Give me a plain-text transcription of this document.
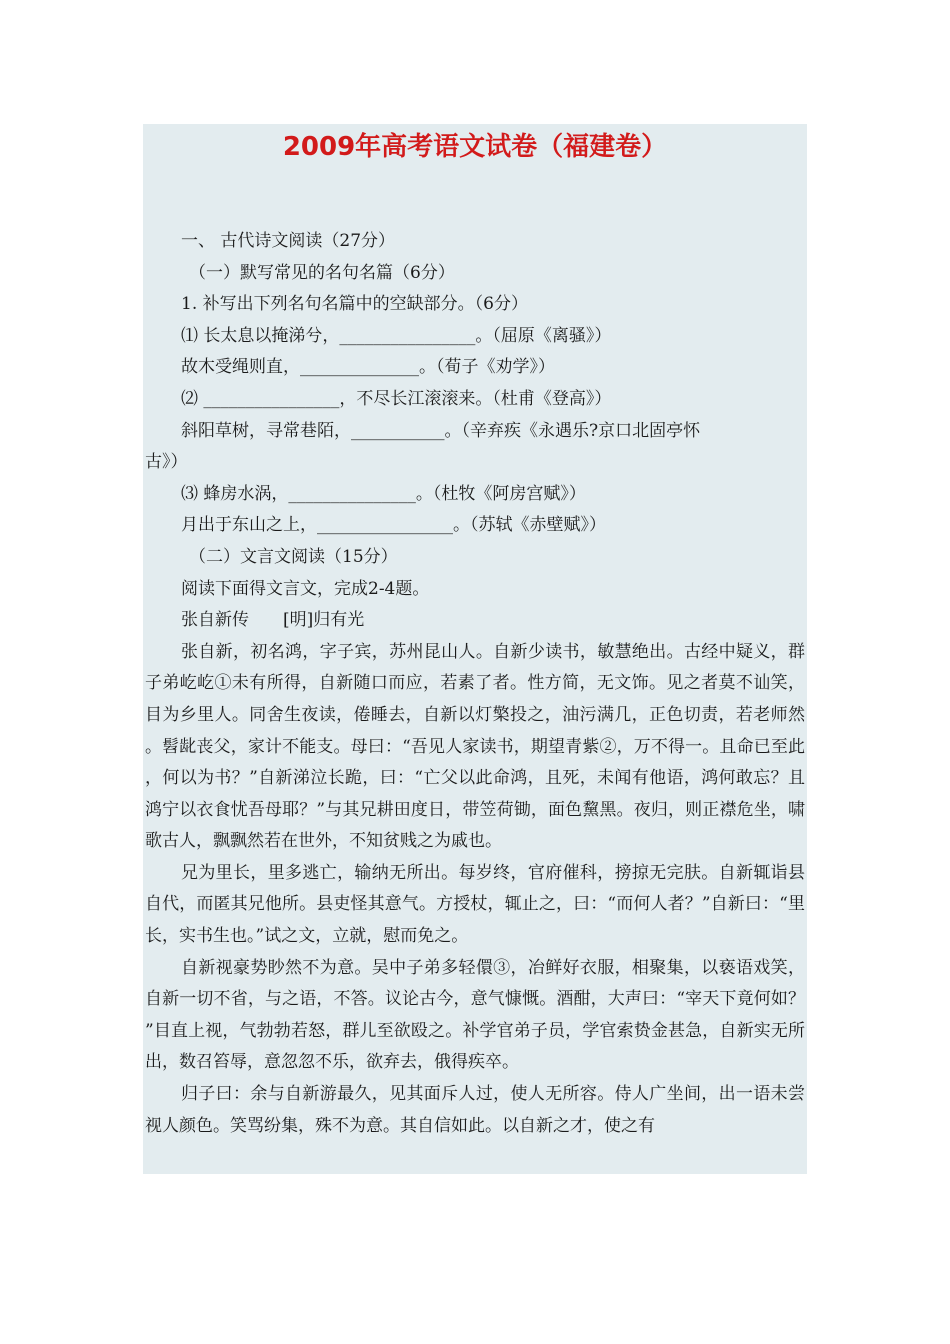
2009年高考语文试卷（福建卷）
一、 古代诗文阅读（27分）
（一）默写常见的名句名篇（6分）
1. 补写出下列名句名篇中的空缺部分。（6分）
⑴ 长太息以掩涕兮，________________。（屈原《离骚》）
故木受绳则直，______________。（荀子《劝学》）
⑵ ________________，不尽长江滚滚来。（杜甫《登高》）
斜阳草树，寻常巷陌，___________。（辛弃疾《永遇乐?京口北固亭怀
古》）
⑶ 蜂房水涡，_______________。（杜牧《阿房宫赋》）
月出于东山之上，________________。（苏轼《赤壁赋》）
（二）文言文阅读（15分）
阅读下面得文言文，完成2-4题。
张自新传　　[明]归有光

张自新，初名鸿，字子宾，苏州昆山人。自新少读书，敏慧绝出。古经中疑义，群子弟屹屹①未有所得，自新随口而应，若素了者。性方简，无文饰。见之者莫不讪笑，目为乡里人。同舍生夜读，倦睡去，自新以灯檠投之，油污满几，正色切责，若老师然。髫龀丧父，家计不能支。母曰：“吾见人家读书，期望青紫②，万不得一。且命已至此，何以为书？”自新涕泣长跪，曰：“亡父以此命鸿，且死，未闻有他语，鸿何敢忘？且鸿宁以衣食忧吾母耶？”与其兄耕田度日，带笠荷锄，面色黧黑。夜归，则正襟危坐，啸歌古人，飘飘然若在世外，不知贫贱之为戚也。

兄为里长，里多逃亡，输纳无所出。每岁终，官府催科，搒掠无完肤。自新辄诣县自代，而匿其兄他所。县吏怪其意气。方授杖，辄止之，曰：“而何人者？”自新曰：“里长，实书生也。”试之文，立就，慰而免之。

自新视豪势眇然不为意。吴中子弟多轻儇③，冶鲜好衣服，相聚集，以亵语戏笑，自新一切不省，与之语，不答。议论古今，意气慷慨。酒酣，大声曰：“宰天下竟何如？”目直上视，气勃勃若怒，群儿至欲殴之。补学官弟子员，学官索贽金甚急，自新实无所出，数召笞辱，意忽忽不乐，欲弃去，俄得疾卒。

归子曰：余与自新游最久，见其面斥人过，使人无所容。侍人广坐间，出一语未尝视人颜色。笑骂纷集，殊不为意。其自信如此。以自新之才，使之有
